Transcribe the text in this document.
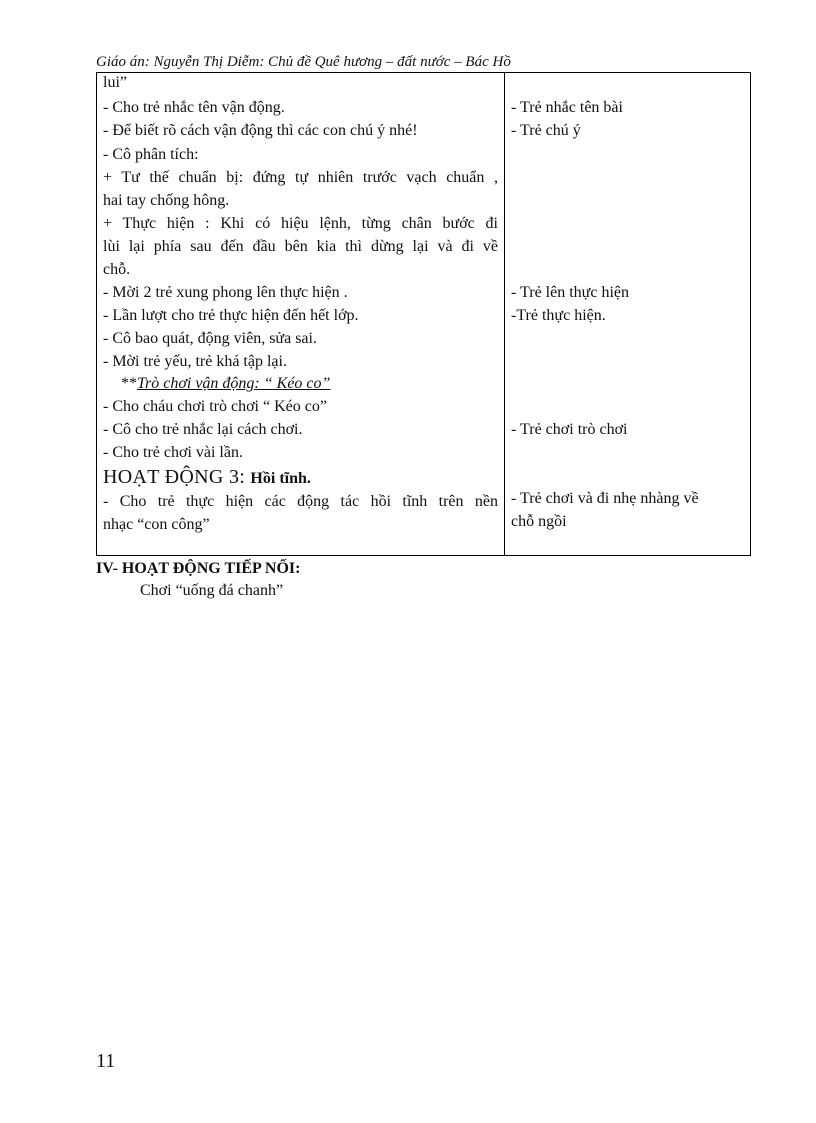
Giáo án: Nguyễn Thị Diễm: Chủ đề Quê hương – đất nước – Bác Hồ
lui”
- Cho trẻ nhắc tên vận động.
- Để biết rõ cách vận động thì các con chú ý nhé!
- Cô phân tích:
+ Tư thế chuẩn bị: đứng tự nhiên trước vạch chuẩn ,
hai tay chống hông.
+ Thực hiện : Khi có hiệu lệnh, từng chân bước đi
lùi lại phía sau đến đầu bên kia thì dừng lại và đi về
chỗ.
- Mời 2 trẻ xung phong lên thực hiện .
- Lần lượt cho trẻ thực hiện đến hết lớp.
- Cô bao quát, động viên, sửa sai.
- Mời trẻ yếu, trẻ khá tập lại.
**Trò chơi vận động: “ Kéo co”
- Cho cháu chơi trò chơi “ Kéo co”
- Cô cho trẻ nhắc lại cách chơi.
- Cho trẻ chơi vài lần.
HOẠT ĐỘNG 3: Hồi tĩnh.
- Cho trẻ thực hiện các động tác hồi tĩnh trên nền
nhạc “con công”
- Trẻ nhắc tên bài
- Trẻ chú ý
- Trẻ lên thực hiện
-Trẻ thực hiện.
- Trẻ chơi trò chơi
- Trẻ chơi và đi nhẹ nhàng về
chỗ ngồi
IV- HOẠT ĐỘNG TIẾP NỐI:
Chơi “uống đá chanh”
11
